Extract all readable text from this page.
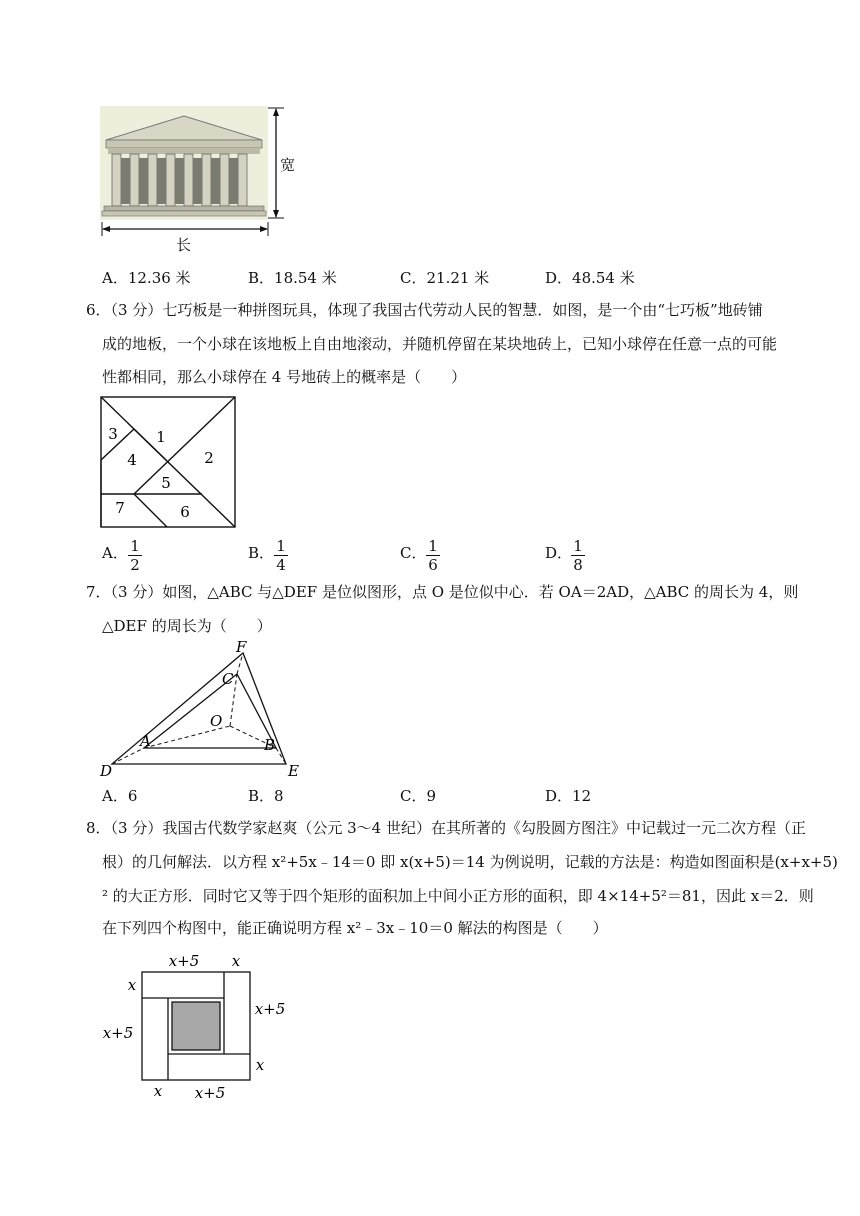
宽
长
A．12.36 米	B．18.54 米	C．21.21 米	D．48.54 米
6．（3 分）七巧板是一种拼图玩具，体现了我国古代劳动人民的智慧．如图，是一个由“七巧板”地砖铺
成的地板，一个小球在该地板上自由地滚动，并随机停留在某块地砖上，已知小球停在任意一点的可能
性都相同，那么小球停在 4 号地砖上的概率是（　　）
1
2
3
4
5
6
7
A． 1
2
B． 1
4
C． 1
6
D． 1
8
7．（3 分）如图，△ABC 与△DEF 是位似图形，点 O 是位似中心．若 OA＝2AD，△ABC 的周长为 4，则
△DEF 的周长为（　　）
F
C
O
A	B
D	E
A．6	B．8	C．9	D．12
8．（3 分）我国古代数学家赵爽（公元 3～4 世纪）在其所著的《勾股圆方图注》中记载过一元二次方程（正
根）的几何解法．以方程 x²+5x﹣14＝0 即 x(x+5)＝14 为例说明，记载的方法是：构造如图面积是(x+x+5)
² 的大正方形．同时它又等于四个矩形的面积加上中间小正方形的面积，即 4×14+5²＝81，因此 x＝2．则
在下列四个构图中，能正确说明方程 x²﹣3x﹣10＝0 解法的构图是（　　）
x+5 x
x
x+5
x+5
x
x x+5
